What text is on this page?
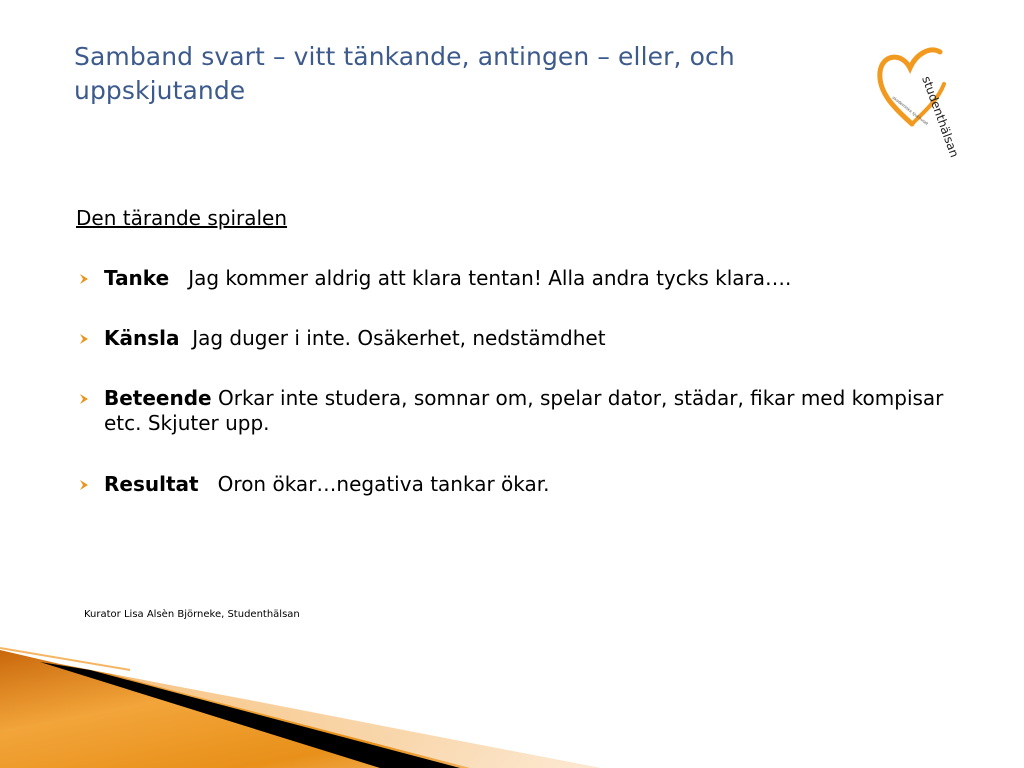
Samband svart – vitt tänkande, antingen – eller, och uppskjutande	studenthälsan
akademiska sjukhuset
Den tärande spiralen
Tanke Jag kommer aldrig att klara tentan! Alla andra tycks klara….
Känsla Jag duger i inte. Osäkerhet, nedstämdhet
Beteende Orkar inte studera, somnar om, spelar dator, städar, fikar med kompisar etc. Skjuter upp.
Resultat Oron ökar…negativa tankar ökar.
Kurator Lisa Alsèn Björneke, Studenthälsan
